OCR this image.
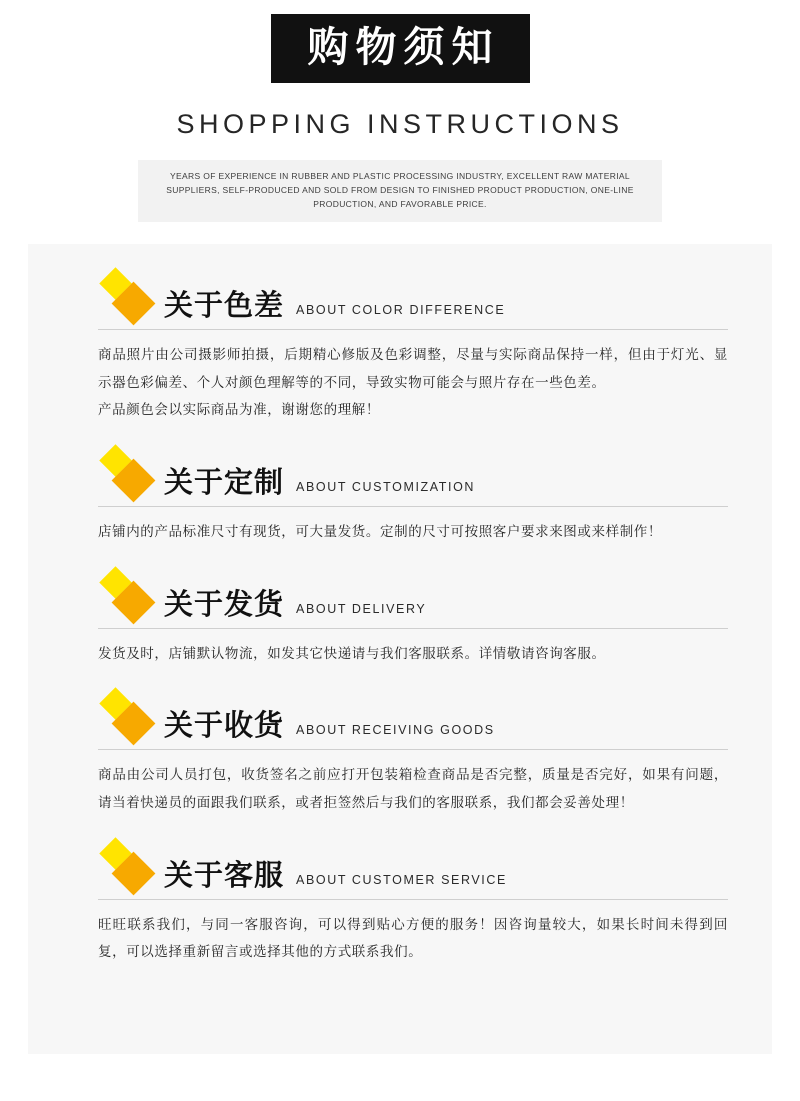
购物须知
SHOPPING INSTRUCTIONS

YEARS OF EXPERIENCE IN RUBBER AND PLASTIC PROCESSING INDUSTRY, EXCELLENT RAW MATERIAL SUPPLIERS, SELF-PRODUCED AND SOLD FROM DESIGN TO FINISHED PRODUCT PRODUCTION, ONE-LINE PRODUCTION, AND FAVORABLE PRICE.

关于色差 ABOUT COLOR DIFFERENCE

商品照片由公司摄影师拍摄，后期精心修版及色彩调整，尽量与实际商品保持一样，但由于灯光、显示器色彩偏差、个人对颜色理解等的不同，导致实物可能会与照片存在一些色差。
产品颜色会以实际商品为准，谢谢您的理解！

关于定制 ABOUT CUSTOMIZATION

店铺内的产品标准尺寸有现货，可大量发货。定制的尺寸可按照客户要求来图或来样制作！

关于发货 ABOUT DELIVERY

发货及时，店铺默认物流，如发其它快递请与我们客服联系。详情敬请咨询客服。

关于收货 ABOUT RECEIVING GOODS

商品由公司人员打包，收货签名之前应打开包装箱检查商品是否完整，质量是否完好，如果有问题，请当着快递员的面跟我们联系，或者拒签然后与我们的客服联系，我们都会妥善处理！

关于客服 ABOUT CUSTOMER SERVICE

旺旺联系我们，与同一客服咨询，可以得到贴心方便的服务！因咨询量较大，如果长时间未得到回复，可以选择重新留言或选择其他的方式联系我们。
